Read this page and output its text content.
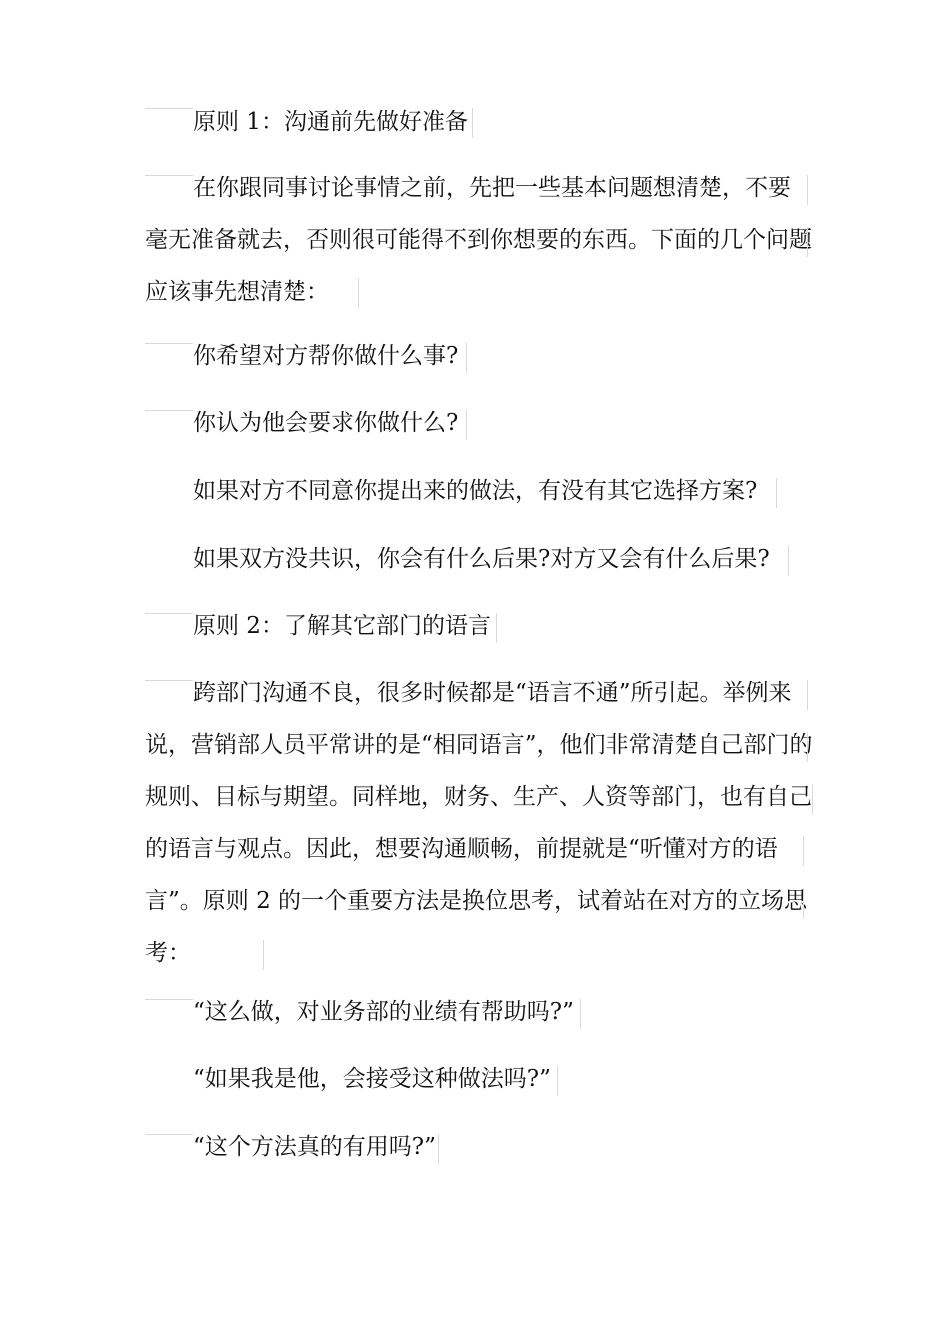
原则 1：沟通前先做好准备

在你跟同事讨论事情之前，先把一些基本问题想清楚，不要毫无准备就去，否则很可能得不到你想要的东西。下面的几个问题应该事先想清楚：

你希望对方帮你做什么事?

你认为他会要求你做什么?

如果对方不同意你提出来的做法，有没有其它选择方案?

如果双方没共识，你会有什么后果?对方又会有什么后果?

原则 2：了解其它部门的语言

跨部门沟通不良，很多时候都是“语言不通”所引起。举例来说，营销部人员平常讲的是“相同语言”，他们非常清楚自己部门的规则、目标与期望。同样地，财务、生产、人资等部门，也有自己的语言与观点。因此，想要沟通顺畅，前提就是“听懂对方的语言”。原则 2 的一个重要方法是换位思考，试着站在对方的立场思考：

“这么做，对业务部的业绩有帮助吗?”

“如果我是他，会接受这种做法吗?”

“这个方法真的有用吗?”
